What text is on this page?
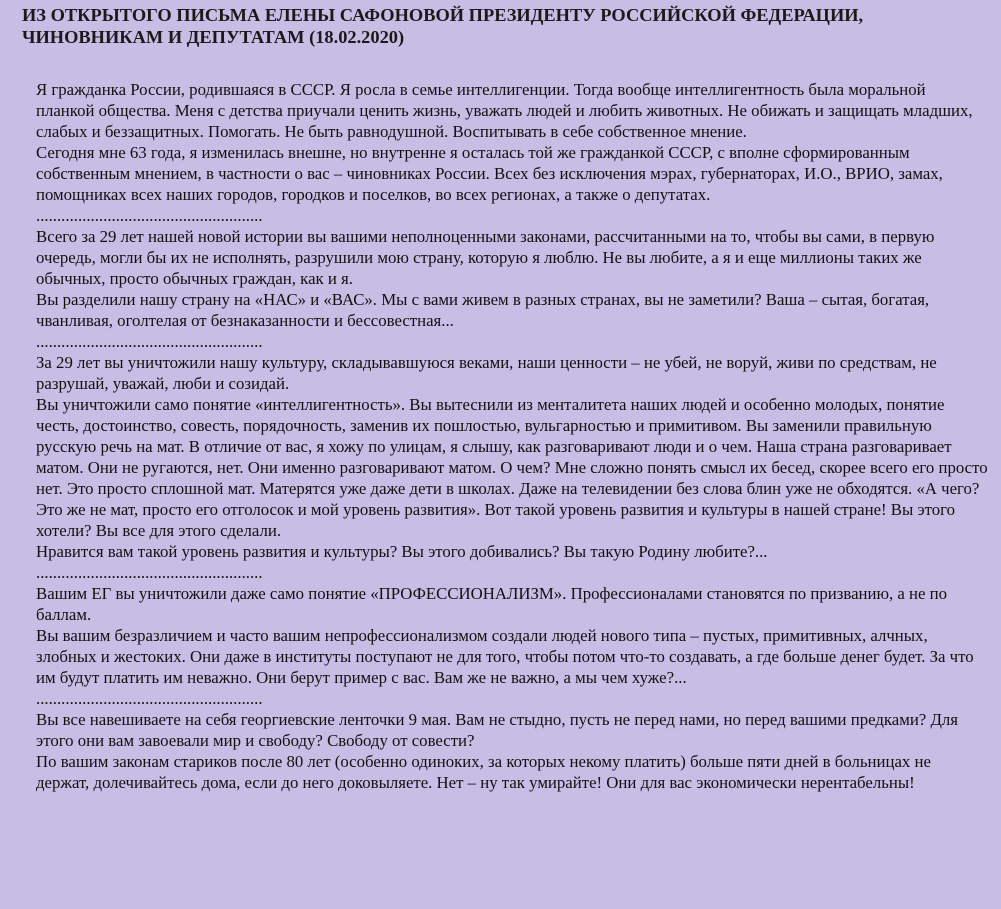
ИЗ ОТКРЫТОГО ПИСЬМА ЕЛЕНЫ САФОНОВОЙ ПРЕЗИДЕНТУ РОССИЙСКОЙ ФЕДЕРАЦИИ, ЧИНОВНИКАМ И ДЕПУТАТАМ (18.02.2020)

Я гражданка России, родившаяся в СССР. Я росла в семье интеллигенции. Тогда вообще интеллигентность была моральной планкой общества. Меня с детства приучали ценить жизнь, уважать людей и любить животных. Не обижать и защищать младших, слабых и беззащитных. Помогать. Не быть равнодушной. Воспитывать в себе собственное мнение.

Сегодня мне 63 года, я изменилась внешне, но внутренне я осталась той же гражданкой СССР, с вполне сформированным собственным мнением, в частности о вас – чиновниках России. Всех без исключения мэрах, губернаторах, И.О., ВРИО, замах, помощниках всех наших городов, городков и поселков, во всех регионах, а также о депутатах.

......................................................

Всего за 29 лет нашей новой истории вы вашими неполноценными законами, рассчитанными на то, чтобы вы сами, в первую очередь, могли бы их не исполнять, разрушили мою страну, которую я люблю. Не вы любите, а я и еще миллионы таких же обычных, просто обычных граждан, как и я.

Вы разделили нашу страну на «НАС» и «ВАС». Мы с вами живем в разных странах, вы не заметили? Ваша – сытая, богатая, чванливая, оголтелая от безнаказанности и бессовестная...

......................................................

За 29 лет вы уничтожили нашу культуру, складывавшуюся веками, наши ценности – не убей, не воруй, живи по средствам, не разрушай, уважай, люби и созидай.

Вы уничтожили само понятие «интеллигентность». Вы вытеснили из менталитета наших людей и особенно молодых, понятие честь, достоинство, совесть, порядочность, заменив их пошлостью, вульгарностью и примитивом. Вы заменили правильную русскую речь на мат. В отличие от вас, я хожу по улицам, я слышу, как разговаривают люди и о чем. Наша страна разговаривает матом. Они не ругаются, нет. Они именно разговаривают матом. О чем? Мне сложно понять смысл их бесед, скорее всего его просто нет. Это просто сплошной мат. Матерятся уже даже дети в школах. Даже на телевидении без слова блин уже не обходятся. «А чего? Это же не мат, просто его отголосок и мой уровень развития». Вот такой уровень развития и культуры в нашей стране! Вы этого хотели? Вы все для этого сделали.

Нравится вам такой уровень развития и культуры? Вы этого добивались? Вы такую Родину любите?...

......................................................

Вашим ЕГ вы уничтожили даже само понятие «ПРОФЕССИОНАЛИЗМ». Профессионалами становятся по призванию, а не по баллам.

Вы вашим безразличием и часто вашим непрофессионализмом создали людей нового типа – пустых, примитивных, алчных, злобных и жестоких. Они даже в институты поступают не для того, чтобы потом что-то создавать, а где больше денег будет. За что им будут платить им неважно. Они берут пример с вас. Вам же не важно, а мы чем хуже?...

......................................................

Вы все навешиваете на себя георгиевские ленточки 9 мая. Вам не стыдно, пусть не перед нами, но перед вашими предками? Для этого они вам завоевали мир и свободу? Свободу от совести?

По вашим законам стариков после 80 лет (особенно одиноких, за которых некому платить) больше пяти дней в больницах не держат, долечивайтесь дома, если до него доковыляете. Нет – ну так умирайте! Они для вас экономически нерентабельны!
